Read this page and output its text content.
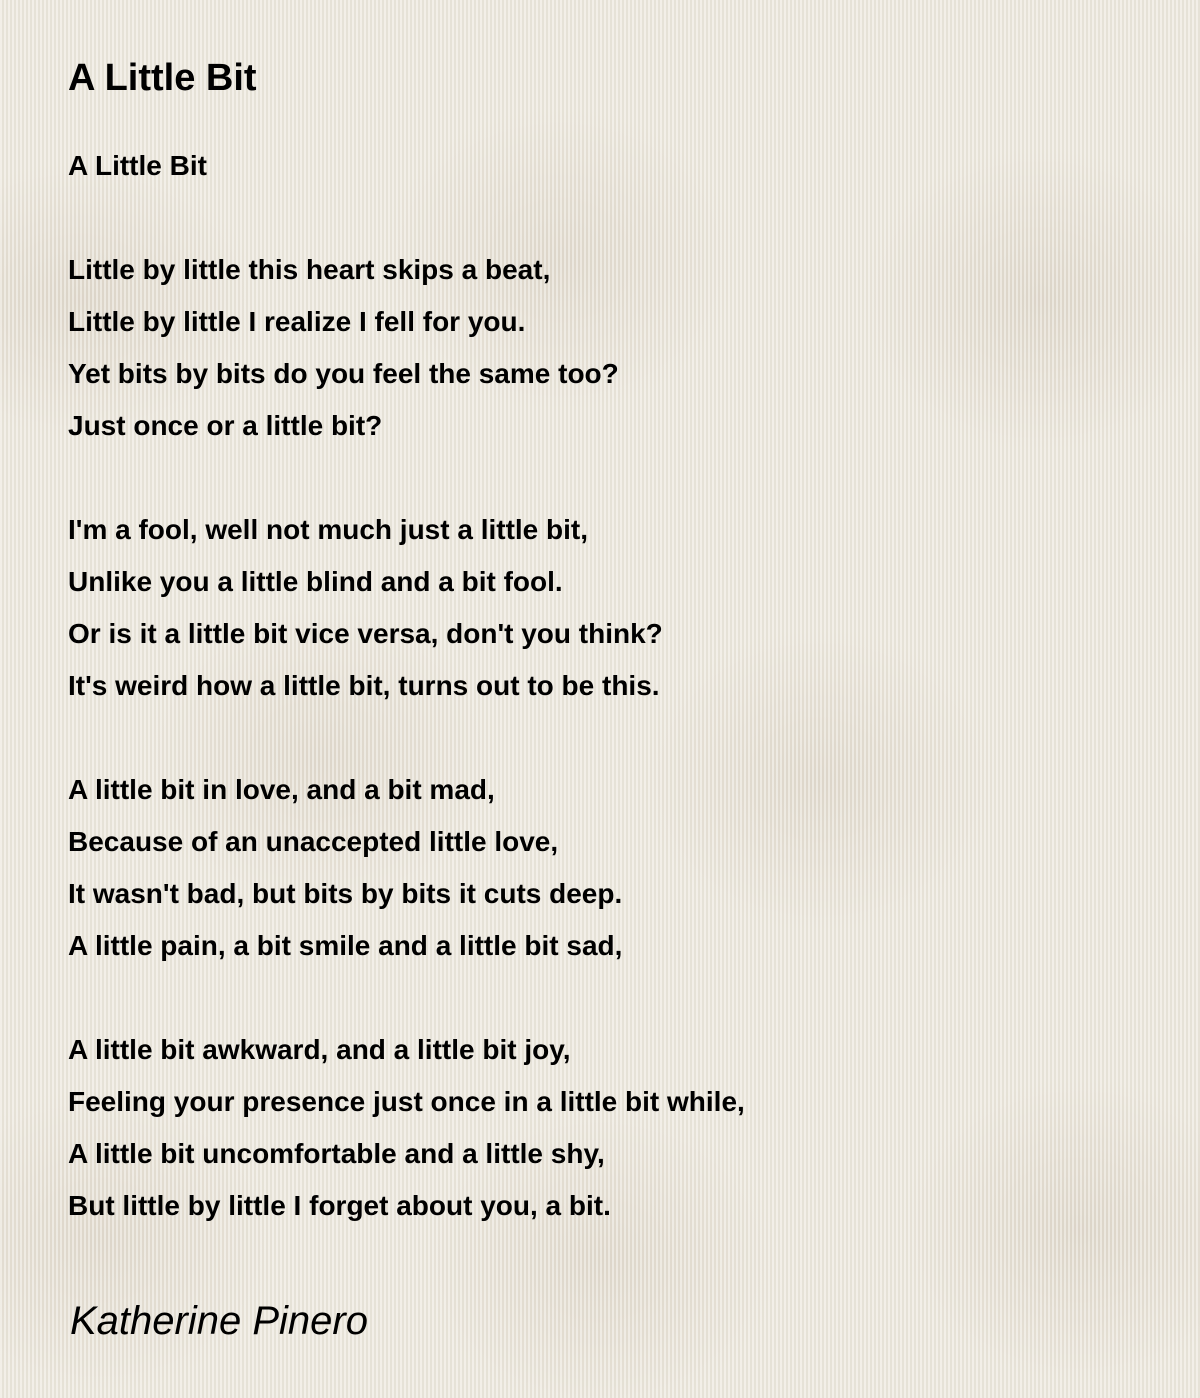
A Little Bit
A Little Bit
Little by little this heart skips a beat,
Little by little I realize I fell for you.
Yet bits by bits do you feel the same too?
Just once or a little bit?
I'm a fool, well not much just a little bit,
Unlike you a little blind and a bit fool.
Or is it a little bit vice versa, don't you think?
It's weird how a little bit, turns out to be this.
A little bit in love, and a bit mad,
Because of an unaccepted little love,
It wasn't bad, but bits by bits it cuts deep.
A little pain, a bit smile and a little bit sad,
A little bit awkward, and a little bit joy,
Feeling your presence just once in a little bit while,
A little bit uncomfortable and a little shy,
But little by little I forget about you, a bit.

Katherine Pinero
